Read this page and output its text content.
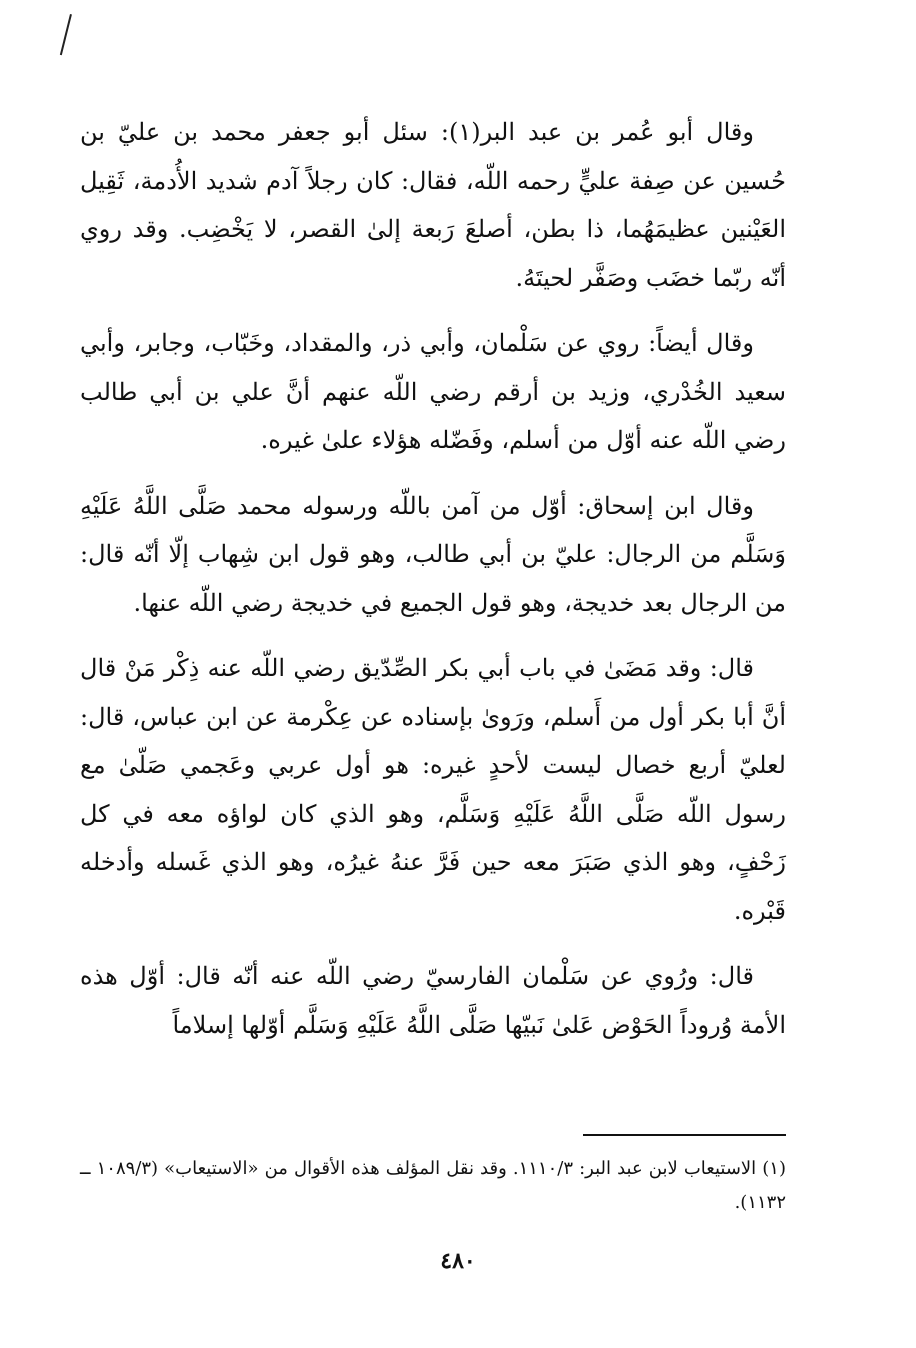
وقال أبو عُمر بن عبد البر(١): سئل أبو جعفر محمد بن عليّ بن حُسين عن صِفة عليٍّ رحمه اللّه، فقال: كان رجلاً آدم شديد الأُدمة، ثَقِيل العَيْنين عظيمَهُما، ذا بطن، أصلعَ رَبعة إلىٰ القصر، لا يَخْضِب. وقد روي أنّه ربّما خضَب وصَفَّر لحيتَهُ.

وقال أيضاً: روي عن سَلْمان، وأبي ذر، والمقداد، وخَبّاب، وجابر، وأبي سعيد الخُدْري، وزيد بن أرقم رضي اللّه عنهم أنَّ علي بن أبي طالب رضي اللّه عنه أوّل من أسلم، وفَضّله هؤلاء علىٰ غيره.

وقال ابن إسحاق: أوّل من آمن باللّه ورسوله محمد صَلَّى اللَّهُ عَلَيْهِ وَسَلَّم من الرجال: عليّ بن أبي طالب، وهو قول ابن شِهاب إلّا أنّه قال: من الرجال بعد خديجة، وهو قول الجميع في خديجة رضي اللّه عنها.

قال: وقد مَضَىٰ في باب أبي بكر الصِّدّيق رضي اللّه عنه ذِكْر مَنْ قال أنَّ أبا بكر أول من أَسلم، ورَوىٰ بإسناده عن عِكْرمة عن ابن عباس، قال: لعليّ أربع خصال ليست لأحدٍ غيره: هو أول عربي وعَجمي صَلّىٰ مع رسول اللّه صَلَّى اللَّهُ عَلَيْهِ وَسَلَّم، وهو الذي كان لواؤه معه في كل زَحْفٍ، وهو الذي صَبَرَ معه حين فَرَّ عنهُ غيرُه، وهو الذي غَسله وأدخله قَبْره.

قال: ورُوي عن سَلْمان الفارسيّ رضي اللّه عنه أنّه قال: أوّل هذه الأمة وُروداً الحَوْض عَلىٰ نَبيّها صَلَّى اللَّهُ عَلَيْهِ وَسَلَّم أوّلها إسلاماً

(١) الاستيعاب لابن عبد البر: ١١١٠/٣. وقد نقل المؤلف هذه الأقوال من «الاستيعاب» (١٠٨٩/٣ ــ ١١٣٢).

٤٨٠
